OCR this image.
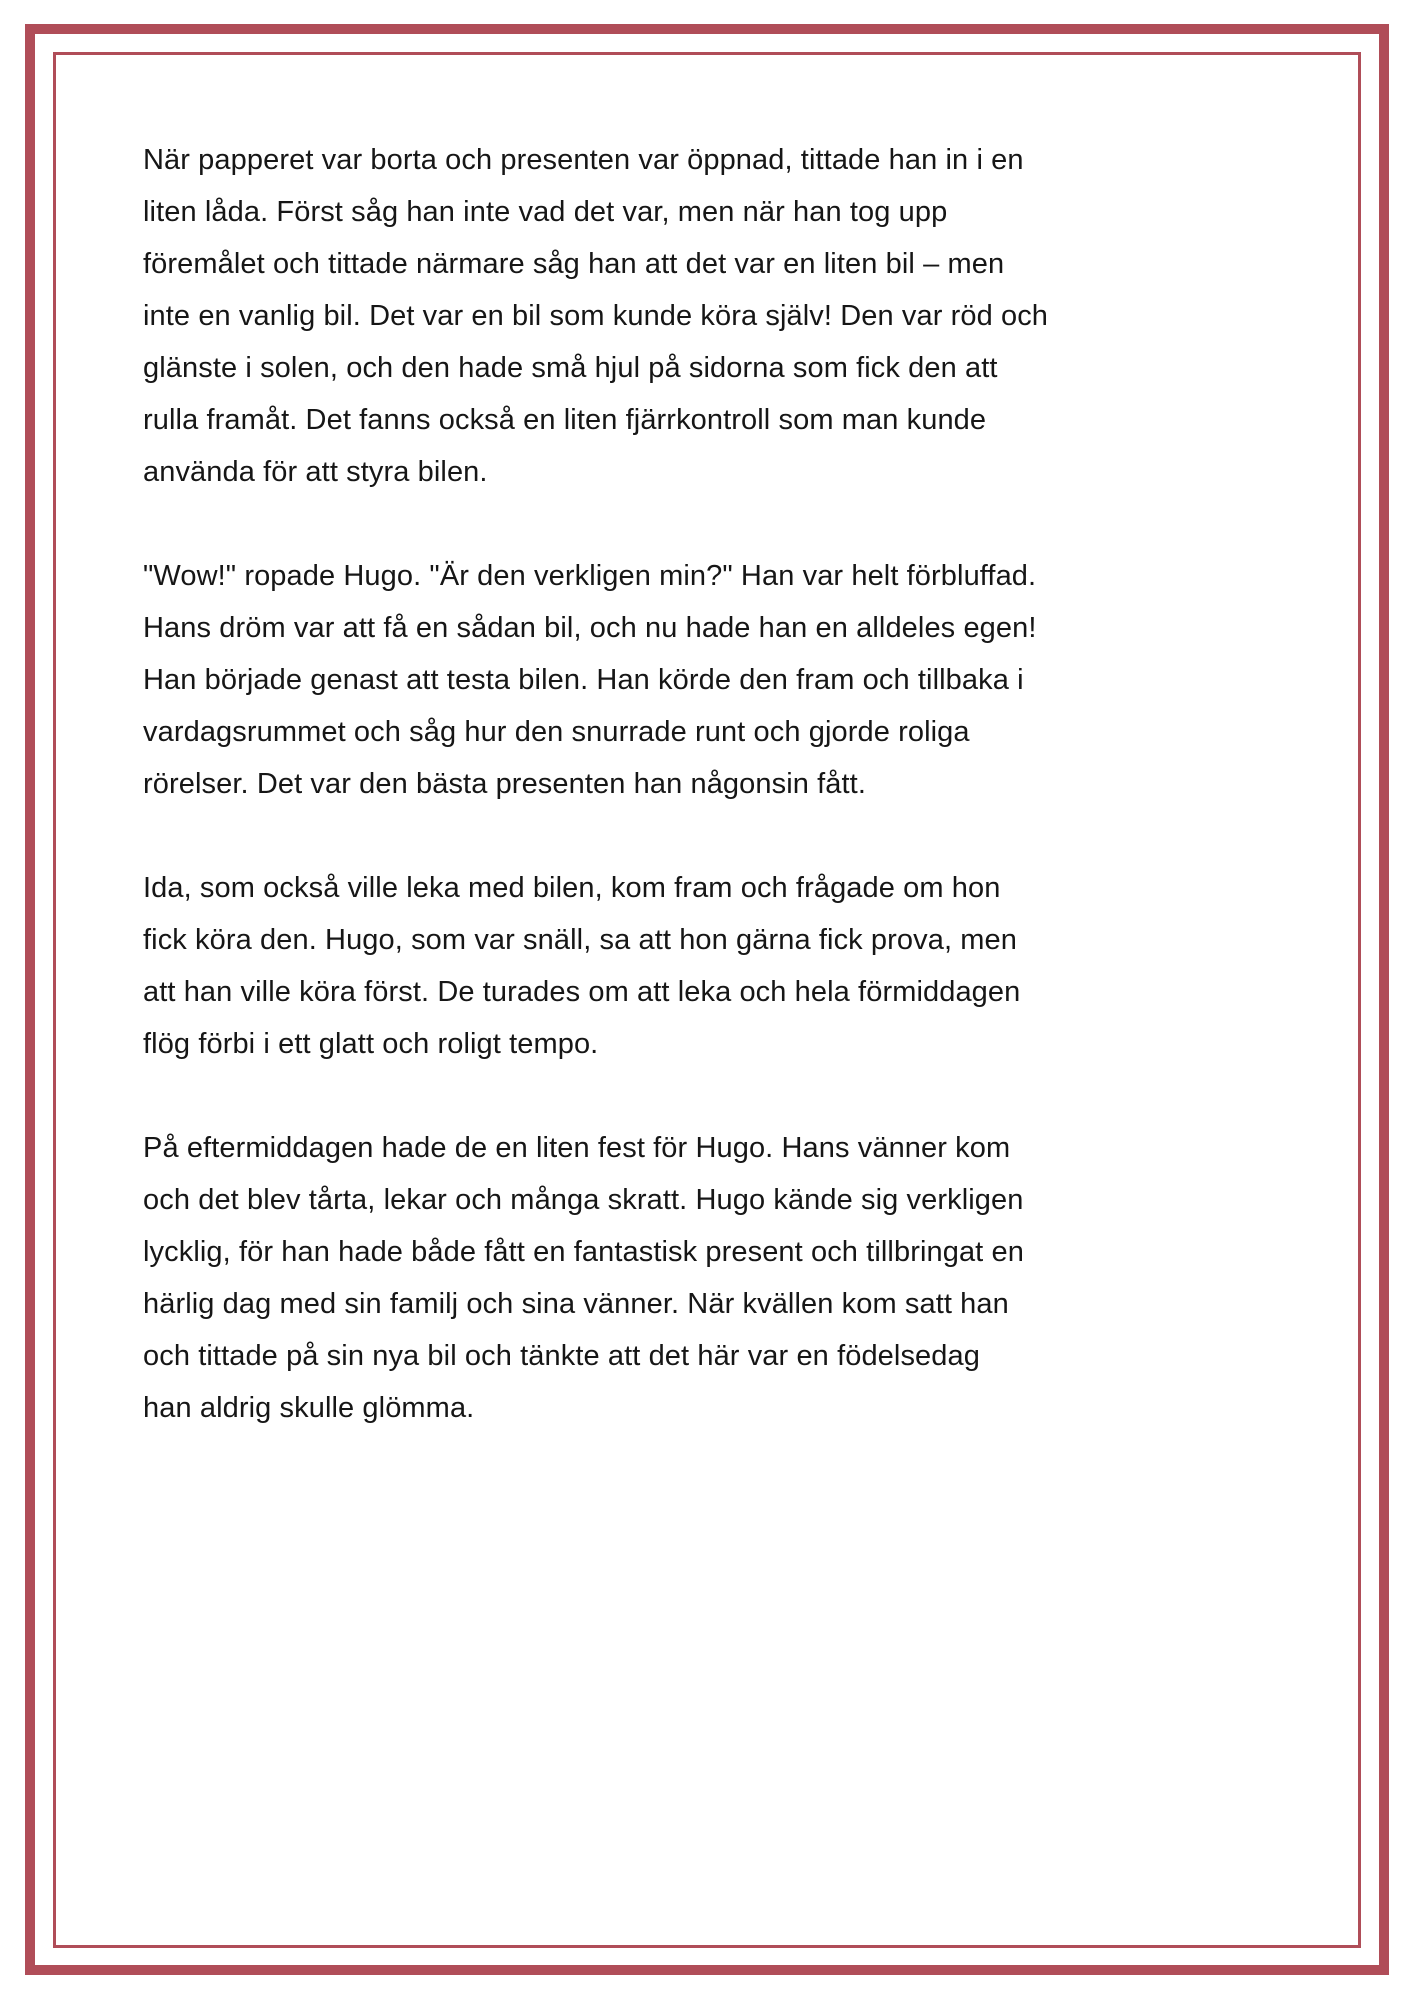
När papperet var borta och presenten var öppnad, tittade han in i en
liten låda. Först såg han inte vad det var, men när han tog upp
föremålet och tittade närmare såg han att det var en liten bil – men
inte en vanlig bil. Det var en bil som kunde köra själv! Den var röd och
glänste i solen, och den hade små hjul på sidorna som fick den att
rulla framåt. Det fanns också en liten fjärrkontroll som man kunde
använda för att styra bilen.
"Wow!" ropade Hugo. "Är den verkligen min?" Han var helt förbluffad.
Hans dröm var att få en sådan bil, och nu hade han en alldeles egen!
Han började genast att testa bilen. Han körde den fram och tillbaka i
vardagsrummet och såg hur den snurrade runt och gjorde roliga
rörelser. Det var den bästa presenten han någonsin fått.
Ida, som också ville leka med bilen, kom fram och frågade om hon
fick köra den. Hugo, som var snäll, sa att hon gärna fick prova, men
att han ville köra först. De turades om att leka och hela förmiddagen
flög förbi i ett glatt och roligt tempo.
På eftermiddagen hade de en liten fest för Hugo. Hans vänner kom
och det blev tårta, lekar och många skratt. Hugo kände sig verkligen
lycklig, för han hade både fått en fantastisk present och tillbringat en
härlig dag med sin familj och sina vänner. När kvällen kom satt han
och tittade på sin nya bil och tänkte att det här var en födelsedag
han aldrig skulle glömma.
